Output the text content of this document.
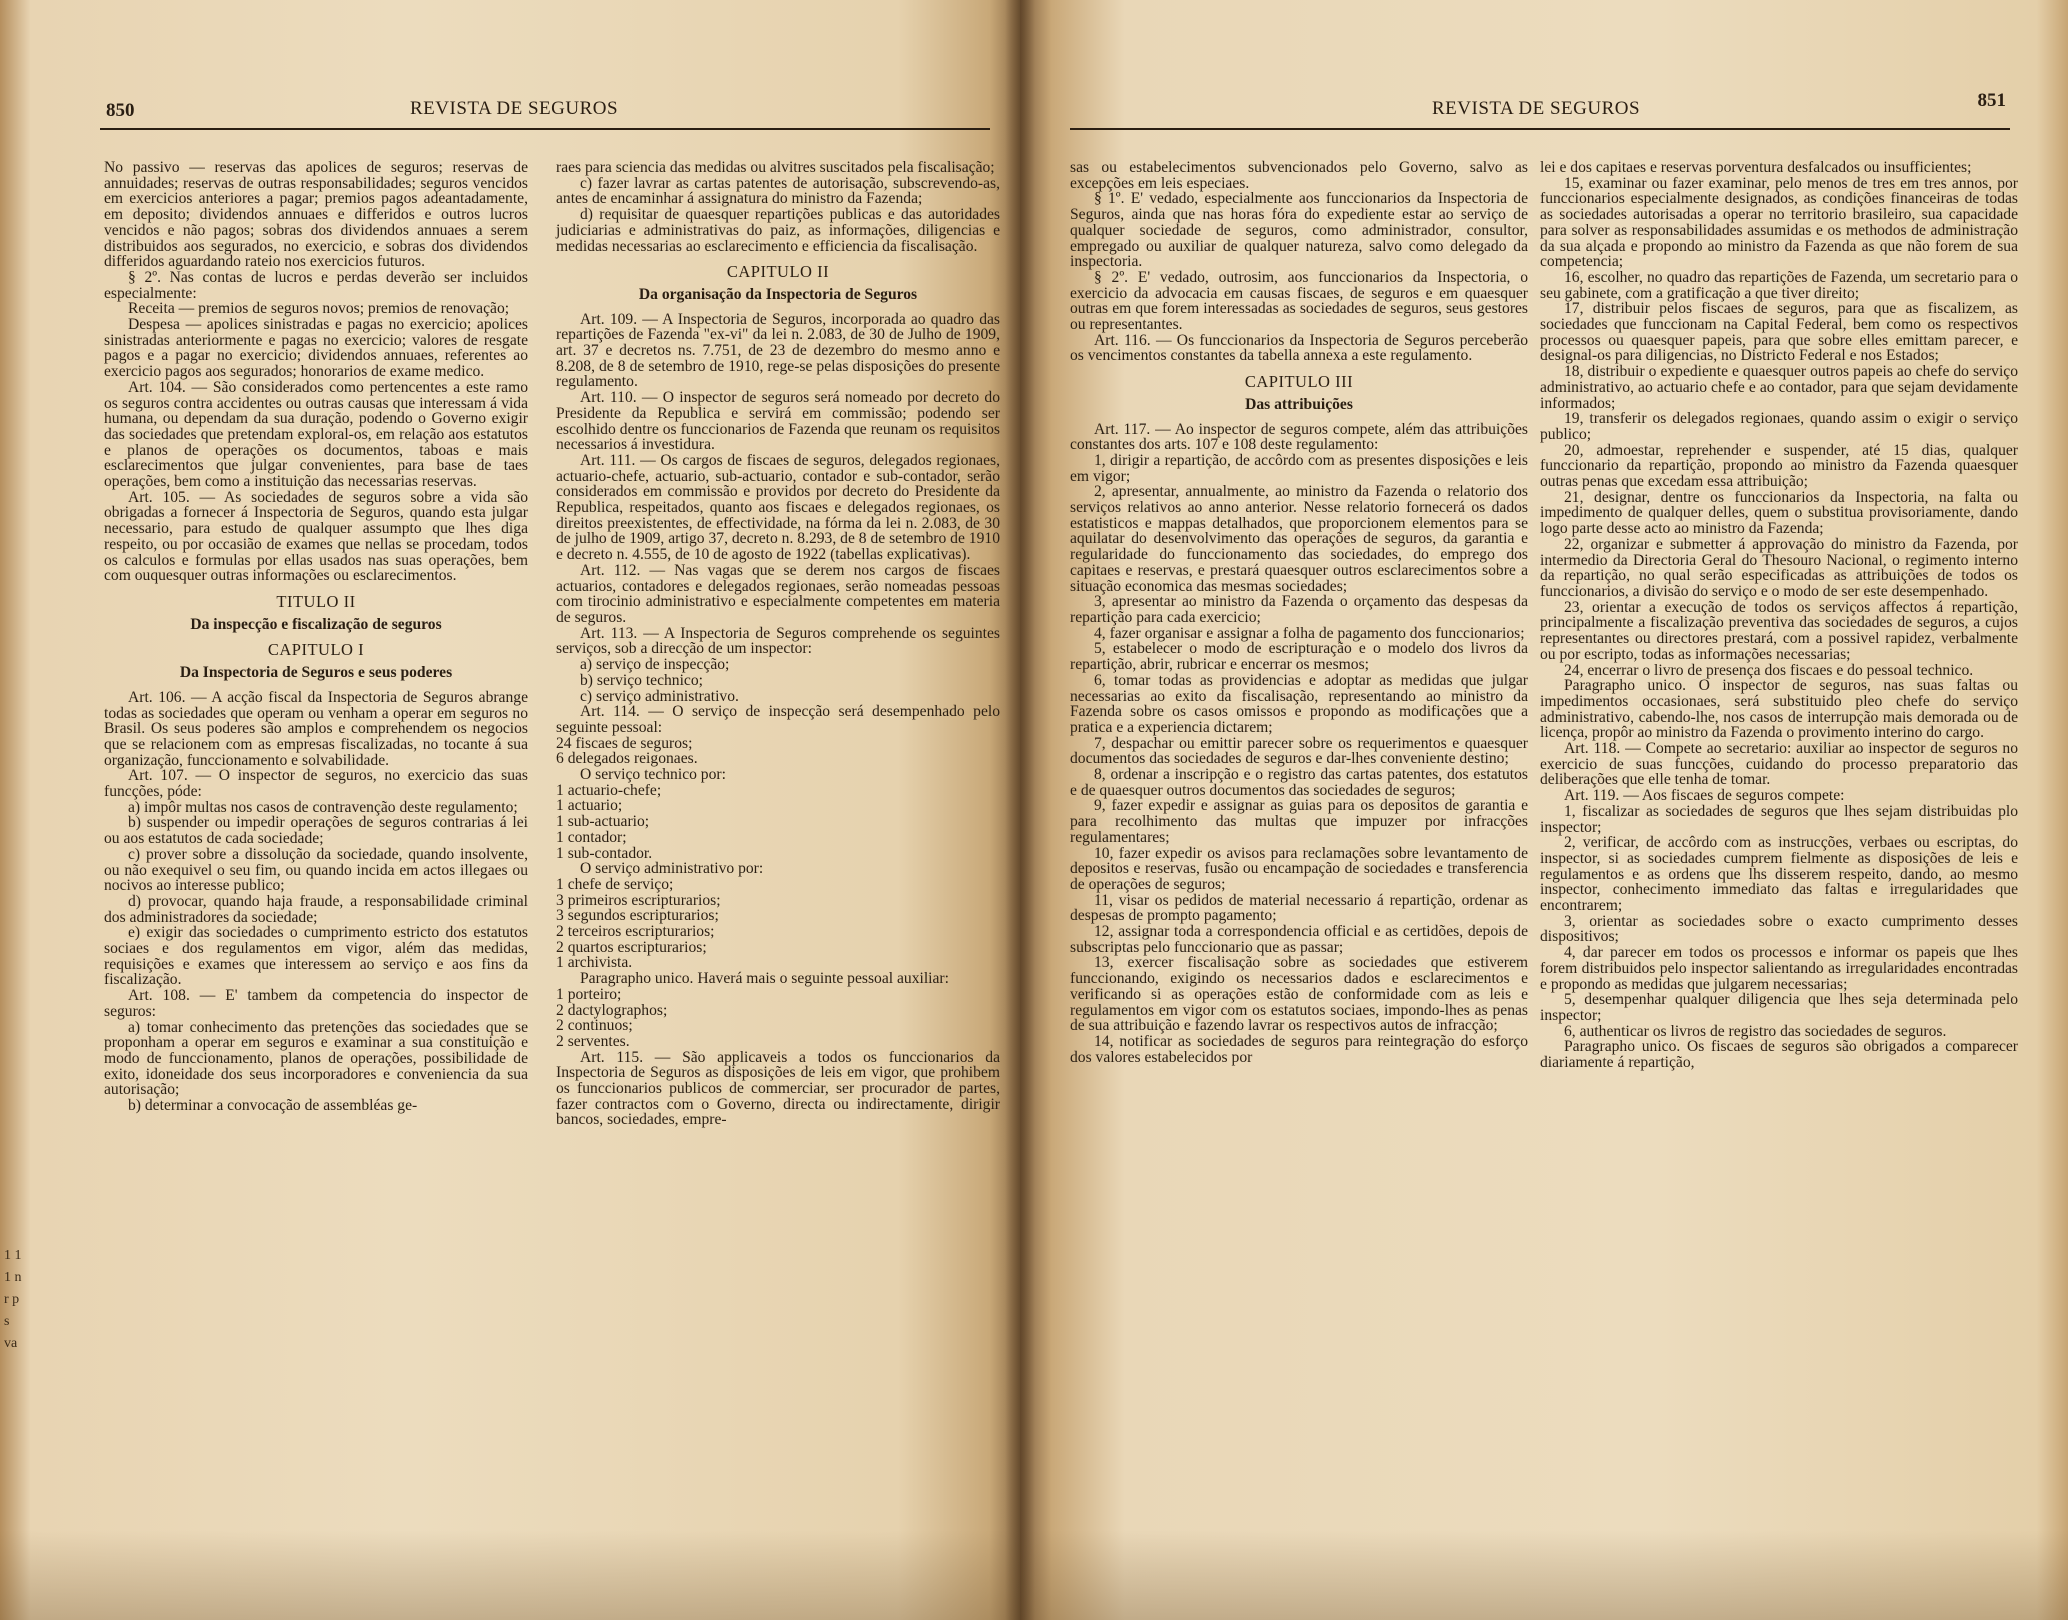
850	REVISTA DE SEGUROS

No passivo — reservas das apolices de seguros; reservas de annuidades; reservas de outras responsabilidades; seguros vencidos em exercicios anteriores a pagar; premios pagos adeantadamente, em deposito; dividendos annuaes e differidos e outros lucros vencidos e não pagos; sobras dos dividendos annuaes a serem distribuidos aos segurados, no exercicio, e sobras dos dividendos differidos aguardando rateio nos exercicios futuros.

§ 2º. Nas contas de lucros e perdas deverão ser incluidos especialmente:

Receita — premios de seguros novos; premios de renovação;

Despesa — apolices sinistradas e pagas no exercicio; apolices sinistradas anteriormente e pagas no exercicio; valores de resgate pagos e a pagar no exercicio; dividendos annuaes, referentes ao exercicio pagos aos segurados; honorarios de exame medico.

Art. 104. — São considerados como pertencentes a este ramo os seguros contra accidentes ou outras causas que interessam á vida humana, ou dependam da sua duração, podendo o Governo exigir das sociedades que pretendam exploral-os, em relação aos estatutos e planos de operações os documentos, taboas e mais esclarecimentos que julgar convenientes, para base de taes operações, bem como a instituição das necessarias reservas.

Art. 105. — As sociedades de seguros sobre a vida são obrigadas a fornecer á Inspectoria de Seguros, quando esta julgar necessario, para estudo de qualquer assumpto que lhes diga respeito, ou por occasião de exames que nellas se procedam, todos os calculos e formulas por ellas usados nas suas operações, bem com ouquesquer outras informações ou esclarecimentos.

TITULO II
Da inspecção e fiscalização de seguros
CAPITULO I
Da Inspectoria de Seguros e seus poderes

Art. 106. — A acção fiscal da Inspectoria de Seguros abrange todas as sociedades que operam ou venham a operar em seguros no Brasil. Os seus poderes são amplos e comprehendem os negocios que se relacionem com as empresas fiscalizadas, no tocante á sua organização, funccionamento e solvabilidade.

Art. 107. — O inspector de seguros, no exercicio das suas funcções, póde:

a) impôr multas nos casos de contravenção deste regulamento;

b) suspender ou impedir operações de seguros contrarias á lei ou aos estatutos de cada sociedade;

c) prover sobre a dissolução da sociedade, quando insolvente, ou não exequivel o seu fim, ou quando incida em actos illegaes ou nocivos ao interesse publico;

d) provocar, quando haja fraude, a responsabilidade criminal dos administradores da sociedade;

e) exigir das sociedades o cumprimento estricto dos estatutos sociaes e dos regulamentos em vigor, além das medidas, requisições e exames que interessem ao serviço e aos fins da fiscalização.

Art. 108. — E' tambem da competencia do inspector de seguros:

a) tomar conhecimento das pretenções das sociedades que se proponham a operar em seguros e examinar a sua constituição e modo de funccionamento, planos de operações, possibilidade de exito, idoneidade dos seus incorporadores e conveniencia da sua autorisação;

b) determinar a convocação de assembléas ge-

raes para sciencia das medidas ou alvitres suscitados pela fiscalisação;

c) fazer lavrar as cartas patentes de autorisação, subscrevendo-as, antes de encaminhar á assignatura do ministro da Fazenda;

d) requisitar de quaesquer repartições publicas e das autoridades judiciarias e administrativas do paiz, as informações, diligencias e medidas necessarias ao esclarecimento e efficiencia da fiscalisação.

CAPITULO II
Da organisação da Inspectoria de Seguros

Art. 109. — A Inspectoria de Seguros, incorporada ao quadro das repartições de Fazenda "ex-vi" da lei n. 2.083, de 30 de Julho de 1909, art. 37 e decretos ns. 7.751, de 23 de dezembro do mesmo anno e 8.208, de 8 de setembro de 1910, rege-se pelas disposições do presente regulamento.

Art. 110. — O inspector de seguros será nomeado por decreto do Presidente da Republica e servirá em commissão; podendo ser escolhido dentre os funccionarios de Fazenda que reunam os requisitos necessarios á investidura.

Art. 111. — Os cargos de fiscaes de seguros, delegados regionaes, actuario-chefe, actuario, sub-actuario, contador e sub-contador, serão considerados em commissão e providos por decreto do Presidente da Republica, respeitados, quanto aos fiscaes e delegados regionaes, os direitos preexistentes, de effectividade, na fórma da lei n. 2.083, de 30 de julho de 1909, artigo 37, decreto n. 8.293, de 8 de setembro de 1910 e decreto n. 4.555, de 10 de agosto de 1922 (tabellas explicativas).

Art. 112. — Nas vagas que se derem nos cargos de fiscaes actuarios, contadores e delegados regionaes, serão nomeadas pessoas com tirocinio administrativo e especialmente competentes em materia de seguros.

Art. 113. — A Inspectoria de Seguros comprehende os seguintes serviços, sob a direcção de um inspector:

a) serviço de inspecção;

b) serviço technico;

c) serviço administrativo.

Art. 114. — O serviço de inspecção será desempenhado pelo seguinte pessoal:

24 fiscaes de seguros;

6 delegados reigonaes.

O serviço technico por:

1 actuario-chefe;

1 actuario;

1 sub-actuario;

1 contador;

1 sub-contador.

O serviço administrativo por:

1 chefe de serviço;

3 primeiros escripturarios;

3 segundos escripturarios;

2 terceiros escripturarios;

2 quartos escripturarios;

1 archivista.

Paragrapho unico. Haverá mais o seguinte pessoal auxiliar:

1 porteiro;

2 dactylographos;

2 continuos;

2 serventes.

Art. 115. — São applicaveis a todos os funccionarios da Inspectoria de Seguros as disposições de leis em vigor, que prohibem os funccionarios publicos de commerciar, ser procurador de partes, fazer contractos com o Governo, directa ou indirectamente, dirigir bancos, sociedades, empre-

1 1 1 n r p s va
REVISTA DE SEGUROS	851

sas ou estabelecimentos subvencionados pelo Governo, salvo as excepções em leis especiaes.

§ 1º. E' vedado, especialmente aos funccionarios da Inspectoria de Seguros, ainda que nas horas fóra do expediente estar ao serviço de qualquer sociedade de seguros, como administrador, consultor, empregado ou auxiliar de qualquer natureza, salvo como delegado da inspectoria.

§ 2º. E' vedado, outrosim, aos funccionarios da Inspectoria, o exercicio da advocacia em causas fiscaes, de seguros e em quaesquer outras em que forem interessadas as sociedades de seguros, seus gestores ou representantes.

Art. 116. — Os funccionarios da Inspectoria de Seguros perceberão os vencimentos constantes da tabella annexa a este regulamento.

CAPITULO III
Das attribuições

Art. 117. — Ao inspector de seguros compete, além das attribuições constantes dos arts. 107 e 108 deste regulamento:

1, dirigir a repartição, de accôrdo com as presentes disposições e leis em vigor;

2, apresentar, annualmente, ao ministro da Fazenda o relatorio dos serviços relativos ao anno anterior. Nesse relatorio fornecerá os dados estatisticos e mappas detalhados, que proporcionem elementos para se aquilatar do desenvolvimento das operações de seguros, da garantia e regularidade do funccionamento das sociedades, do emprego dos capitaes e reservas, e prestará quaesquer outros esclarecimentos sobre a situação economica das mesmas sociedades;

3, apresentar ao ministro da Fazenda o orçamento das despesas da repartição para cada exercicio;

4, fazer organisar e assignar a folha de pagamento dos funccionarios;

5, estabelecer o modo de escripturação e o modelo dos livros da repartição, abrir, rubricar e encerrar os mesmos;

6, tomar todas as providencias e adoptar as medidas que julgar necessarias ao exito da fiscalisação, representando ao ministro da Fazenda sobre os casos omissos e propondo as modificações que a pratica e a experiencia dictarem;

7, despachar ou emittir parecer sobre os requerimentos e quaesquer documentos das sociedades de seguros e dar-lhes conveniente destino;

8, ordenar a inscripção e o registro das cartas patentes, dos estatutos e de quaesquer outros documentos das sociedades de seguros;

9, fazer expedir e assignar as guias para os depositos de garantia e para recolhimento das multas que impuzer por infracções regulamentares;

10, fazer expedir os avisos para reclamações sobre levantamento de depositos e reservas, fusão ou encampação de sociedades e transferencia de operações de seguros;

11, visar os pedidos de material necessario á repartição, ordenar as despesas de prompto pagamento;

12, assignar toda a correspondencia official e as certidões, depois de subscriptas pelo funccionario que as passar;

13, exercer fiscalisação sobre as sociedades que estiverem funccionando, exigindo os necessarios dados e esclarecimentos e verificando si as operações estão de conformidade com as leis e regulamentos em vigor com os estatutos sociaes, impondo-lhes as penas de sua attribuição e fazendo lavrar os respectivos autos de infracção;

14, notificar as sociedades de seguros para reintegração do esforço dos valores estabelecidos por

lei e dos capitaes e reservas porventura desfalcados ou insufficientes;

15, examinar ou fazer examinar, pelo menos de tres em tres annos, por funccionarios especialmente designados, as condições financeiras de todas as sociedades autorisadas a operar no territorio brasileiro, sua capacidade para solver as responsabilidades assumidas e os methodos de administração da sua alçada e propondo ao ministro da Fazenda as que não forem de sua competencia;

16, escolher, no quadro das repartições de Fazenda, um secretario para o seu gabinete, com a gratificação a que tiver direito;

17, distribuir pelos fiscaes de seguros, para que as fiscalizem, as sociedades que funccionam na Capital Federal, bem como os respectivos processos ou quaesquer papeis, para que sobre elles emittam parecer, e designal-os para diligencias, no Districto Federal e nos Estados;

18, distribuir o expediente e quaesquer outros papeis ao chefe do serviço administrativo, ao actuario chefe e ao contador, para que sejam devidamente informados;

19, transferir os delegados regionaes, quando assim o exigir o serviço publico;

20, admoestar, reprehender e suspender, até 15 dias, qualquer funccionario da repartição, propondo ao ministro da Fazenda quaesquer outras penas que excedam essa attribuição;

21, designar, dentre os funccionarios da Inspectoria, na falta ou impedimento de qualquer delles, quem o substitua provisoriamente, dando logo parte desse acto ao ministro da Fazenda;

22, organizar e submetter á approvação do ministro da Fazenda, por intermedio da Directoria Geral do Thesouro Nacional, o regimento interno da repartição, no qual serão especificadas as attribuições de todos os funccionarios, a divisão do serviço e o modo de ser este desempenhado.

23, orientar a execução de todos os serviços affectos á repartição, principalmente a fiscalização preventiva das sociedades de seguros, a cujos representantes ou directores prestará, com a possivel rapidez, verbalmente ou por escripto, todas as informações necessarias;

24, encerrar o livro de presença dos fiscaes e do pessoal technico.

Paragrapho unico. O inspector de seguros, nas suas faltas ou impedimentos occasionaes, será substituido pleo chefe do serviço administrativo, cabendo-lhe, nos casos de interrupção mais demorada ou de licença, propôr ao ministro da Fazenda o provimento interino do cargo.

Art. 118. — Compete ao secretario: auxiliar ao inspector de seguros no exercicio de suas funcções, cuidando do processo preparatorio das deliberações que elle tenha de tomar.

Art. 119. — Aos fiscaes de seguros compete:

1, fiscalizar as sociedades de seguros que lhes sejam distribuidas plo inspector;

2, verificar, de accôrdo com as instrucções, verbaes ou escriptas, do inspector, si as sociedades cumprem fielmente as disposições de leis e regulamentos e as ordens que lhs disserem respeito, dando, ao mesmo inspector, conhecimento immediato das faltas e irregularidades que encontrarem;

3, orientar as sociedades sobre o exacto cumprimento desses dispositivos;

4, dar parecer em todos os processos e informar os papeis que lhes forem distribuidos pelo inspector salientando as irregularidades encontradas e propondo as medidas que julgarem necessarias;

5, desempenhar qualquer diligencia que lhes seja determinada pelo inspector;

6, authenticar os livros de registro das sociedades de seguros.

Paragrapho unico. Os fiscaes de seguros são obrigados a comparecer diariamente á repartição,
